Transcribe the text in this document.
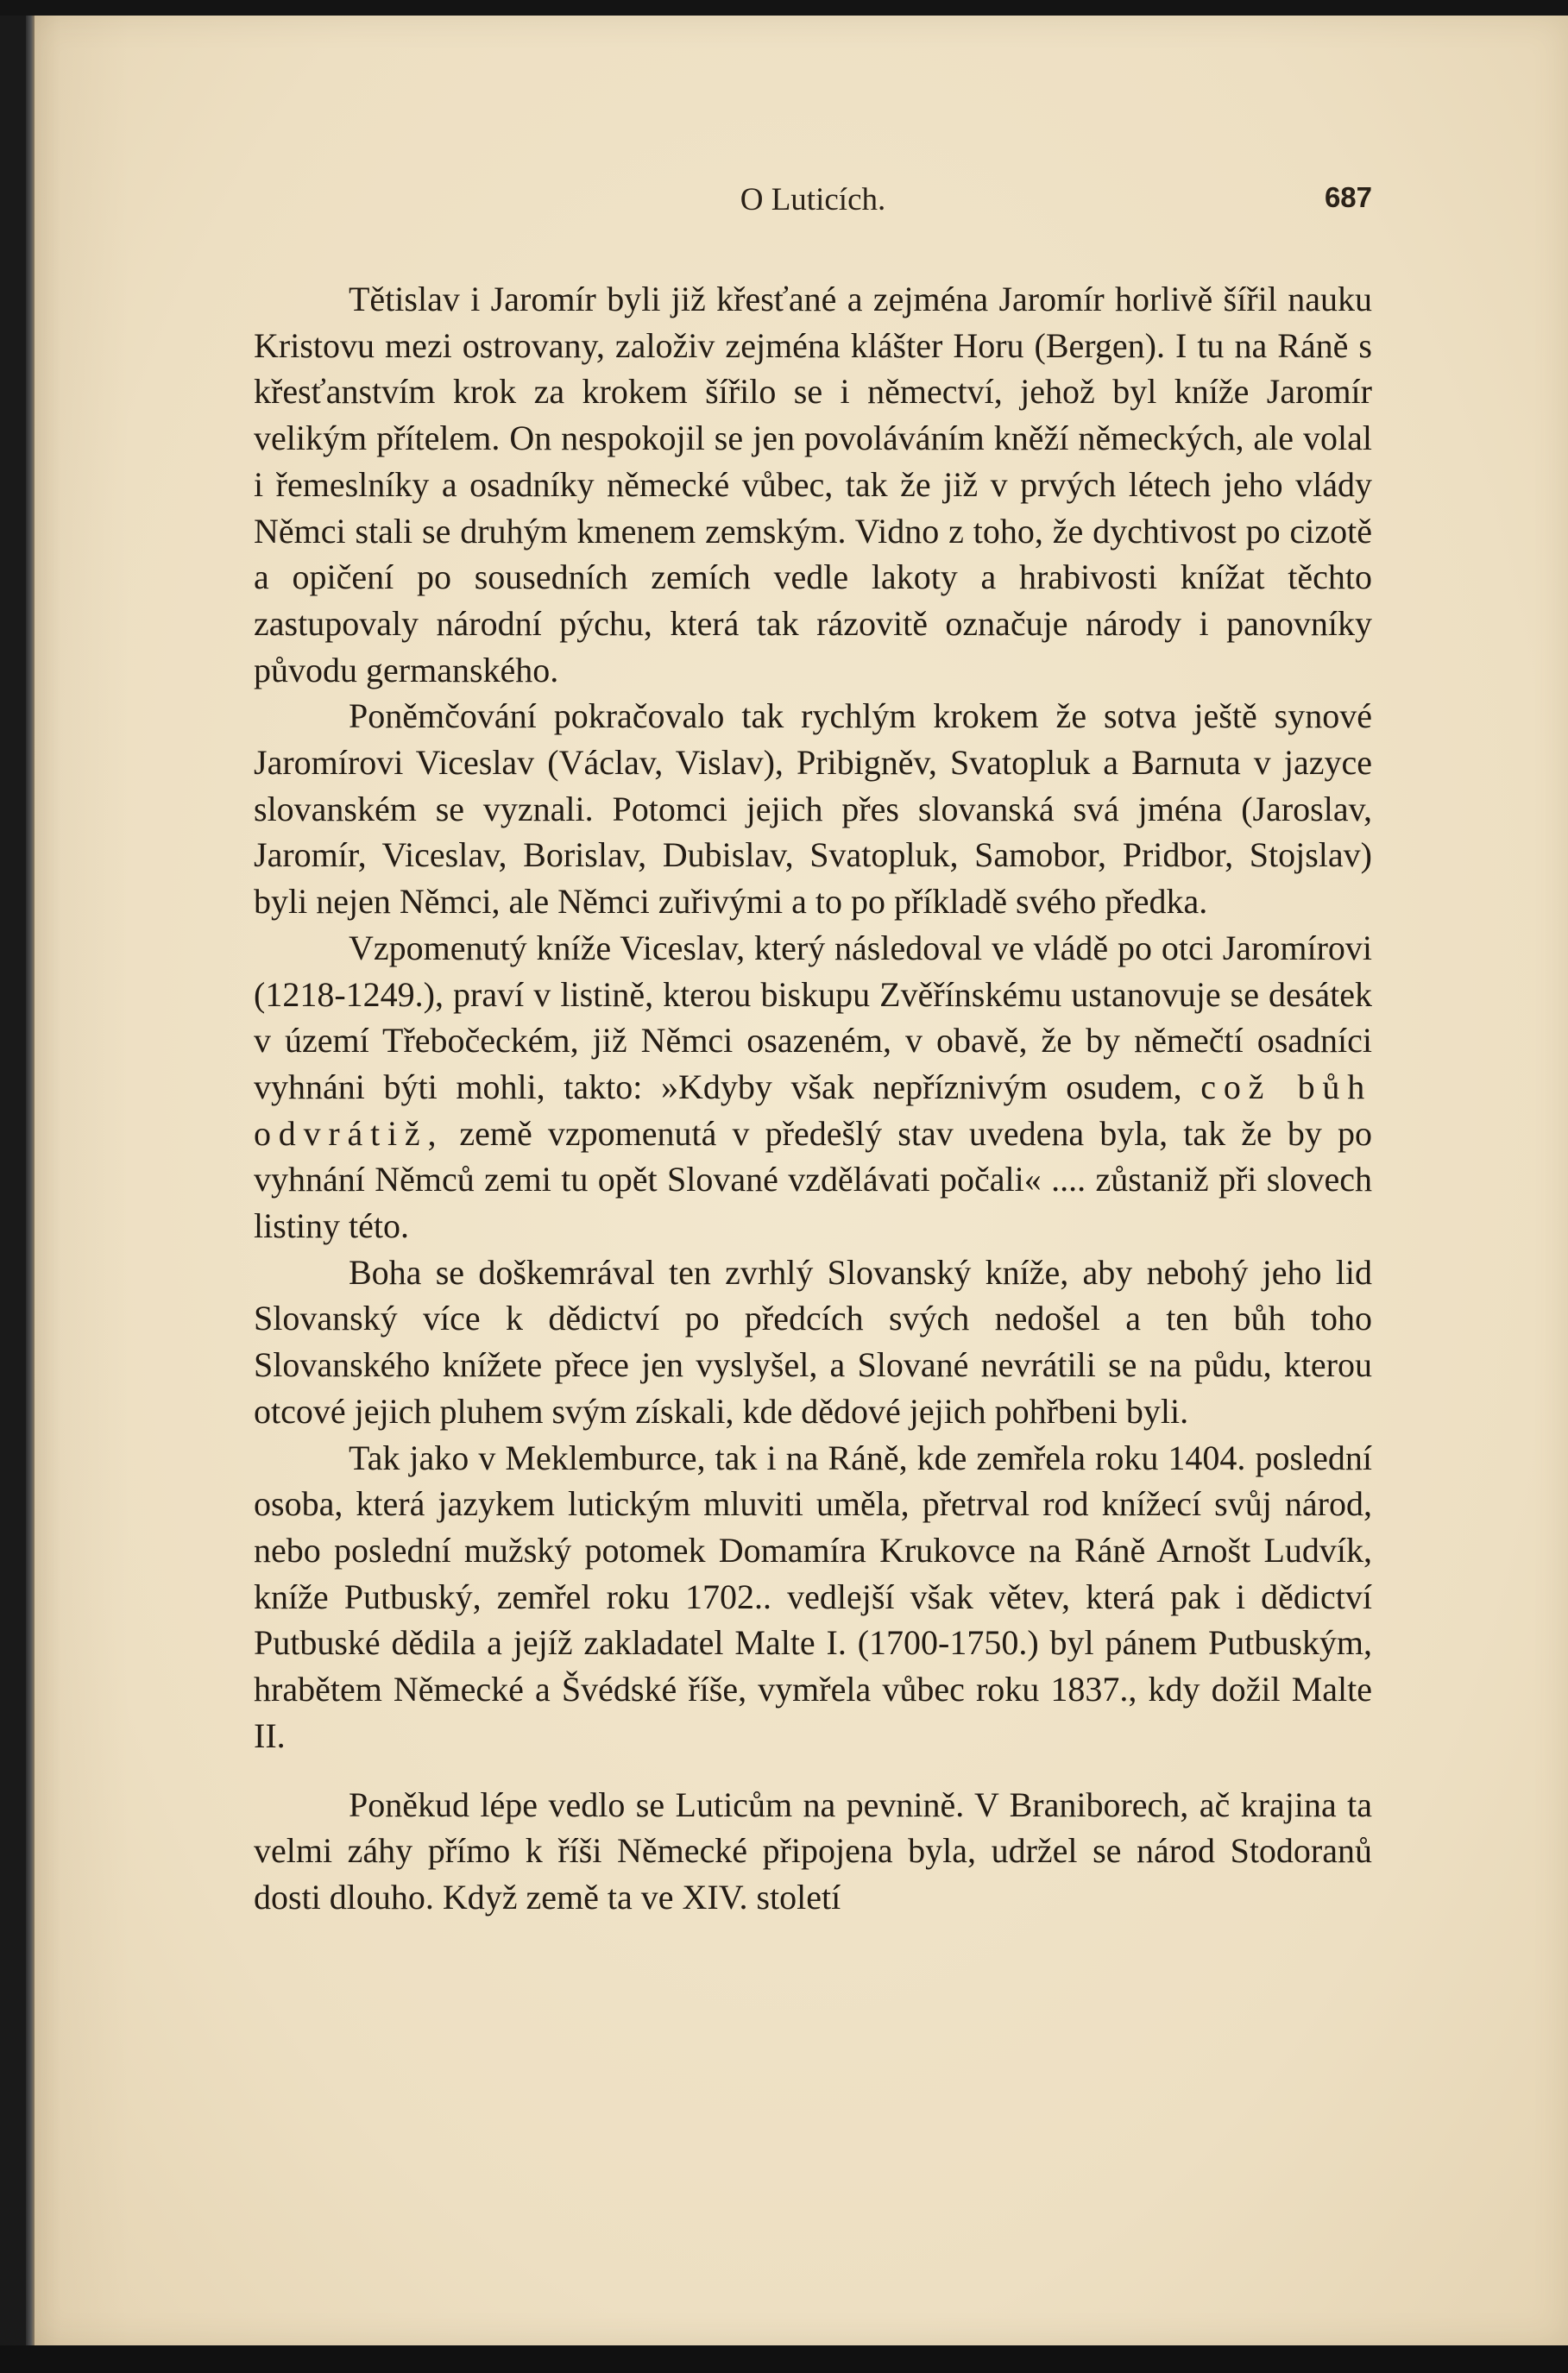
O Luticích.	687

Tětislav i Jaromír byli již křesťané a zejména Jaromír horlivě šířil nauku Kristovu mezi ostrovany, založiv zejména klášter Horu (Bergen). I tu na Ráně s křesťanstvím krok za krokem šířilo se i němectví, jehož byl kníže Jaromír velikým přítelem. On nespokojil se jen povoláváním kněží německých, ale volal i řemeslníky a osadníky německé vůbec, tak že již v prvých létech jeho vlády Němci stali se druhým kmenem zemským. Vidno z toho, že dychtivost po cizotě a opičení po sousedních zemích vedle lakoty a hrabivosti knížat těchto zastupovaly národní pýchu, která tak rázovitě označuje národy i panovníky původu germanského.

Poněmčování pokračovalo tak rychlým krokem že sotva ještě synové Jaromírovi Viceslav (Václav, Vislav), Pribigněv, Svatopluk a Barnuta v jazyce slovanském se vyznali. Potomci jejich přes slovanská svá jména (Jaroslav, Jaromír, Viceslav, Borislav, Dubislav, Svatopluk, Samobor, Pridbor, Stojslav) byli nejen Němci, ale Němci zuřivými a to po příkladě svého předka.

Vzpomenutý kníže Viceslav, který následoval ve vládě po otci Jaromírovi (1218-1249.), praví v listině, kterou biskupu Zvěřínskému ustanovuje se desátek v území Třebočeckém, již Němci osazeném, v obavě, že by němečtí osadníci vyhnáni býti mohli, takto: »Kdyby však nepříznivým osudem, což bůh odvrátiž, země vzpomenutá v předešlý stav uvedena byla, tak že by po vyhnání Němců zemi tu opět Slované vzdělávati počali« .... zůstaniž při slovech listiny této.

Boha se doškemrával ten zvrhlý Slovanský kníže, aby nebohý jeho lid Slovanský více k dědictví po předcích svých nedošel a ten bůh toho Slovanského knížete přece jen vyslyšel, a Slované nevrátili se na půdu, kterou otcové jejich pluhem svým získali, kde dědové jejich pohřbeni byli.

Tak jako v Meklemburce, tak i na Ráně, kde zemřela roku 1404. poslední osoba, která jazykem lutickým mluviti uměla, přetrval rod knížecí svůj národ, nebo poslední mužský potomek Domamíra Krukovce na Ráně Arnošt Ludvík, kníže Putbuský, zemřel roku 1702.. vedlejší však větev, která pak i dědictví Putbuské dědila a jejíž zakladatel Malte I. (1700-1750.) byl pánem Putbuským, hrabětem Německé a Švédské říše, vymřela vůbec roku 1837., kdy dožil Malte II.

Poněkud lépe vedlo se Luticům na pevnině. V Braniborech, ač krajina ta velmi záhy přímo k říši Německé připojena byla, udržel se národ Stodoranů dosti dlouho. Když země ta ve XIV. století
